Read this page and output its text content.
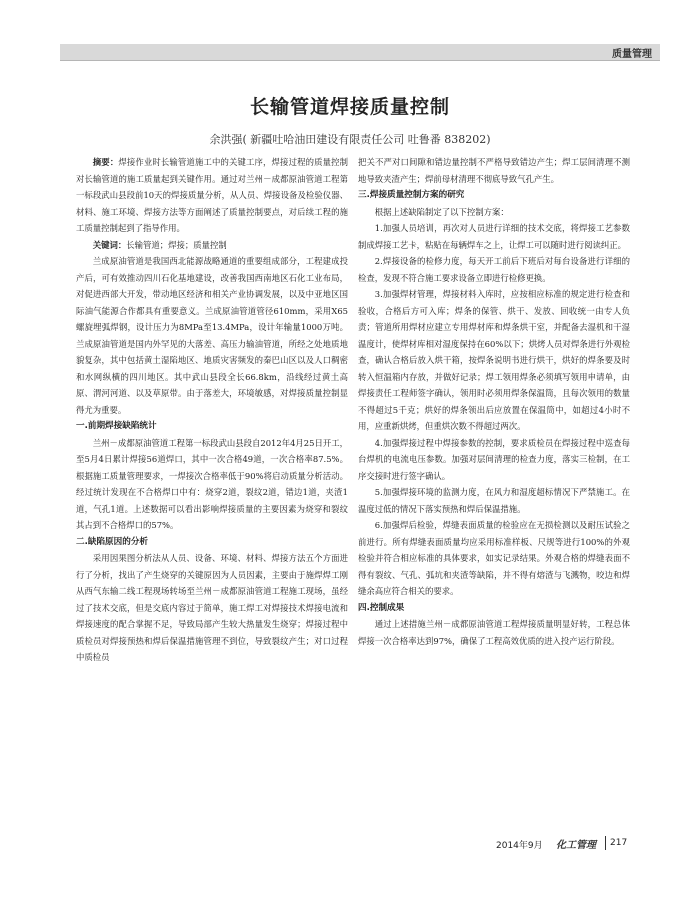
质量管理
长输管道焊接质量控制
余洪强( 新疆吐哈油田建设有限责任公司 吐鲁番 838202)

摘要：焊接作业时长输管道施工中的关键工序，焊接过程的质量控制对长输管道的施工质量起到关键作用。通过对兰州－成都原油管道工程第一标段武山县段前10天的焊接质量分析，从人员、焊接设备及检验仪器、材料、施工环境、焊接方法等方面阐述了质量控制要点，对后续工程的施工质量控制起到了指导作用。

关键词：长输管道；焊接；质量控制

兰成原油管道是我国西北能源战略通道的重要组成部分，工程建成投产后，可有效推动四川石化基地建设，改善我国西南地区石化工业布局，对促进西部大开发，带动地区经济和相关产业协调发展，以及中亚地区国际油气能源合作都具有重要意义。兰成原油管道管径610mm，采用X65螺旋埋弧焊钢，设计压力为8MPa至13.4MPa，设计年输量1000万吨。兰成原油管道是国内外罕见的大落差、高压力输油管道，所经之处地质地貌复杂，其中包括黄土湿陷地区、地质灾害频发的秦巴山区以及人口稠密和水网纵横的四川地区。其中武山县段全长66.8km，沿线经过黄土高原、渭河河道、以及草原带。由于落差大，环境敏感，对焊接质量控制显得尤为重要。

一.前期焊接缺陷统计

兰州－成都原油管道工程第一标段武山县段自2012年4月25日开工，至5月4日累计焊接56道焊口，其中一次合格49道，一次合格率87.5%。根据施工质量管理要求，一焊接次合格率低于90%将启动质量分析活动。经过统计发现在不合格焊口中有：烧穿2道，裂纹2道，错边1道，夹渣1道，气孔1道。上述数据可以看出影响焊接质量的主要因素为烧穿和裂纹其占到不合格焊口的57%。

二.缺陷原因的分析

采用因果图分析法从人员、设备、环境、材料、焊接方法五个方面进行了分析，找出了产生烧穿的关键原因为人员因素，主要由于施焊焊工刚从西气东输二线工程现场转场至兰州－成都原油管道工程施工现场，虽经过了技术交底，但是交底内容过于简单，施工焊工对焊接技术焊接电流和焊接速度的配合掌握不足，导致局部产生较大热量发生烧穿；焊接过程中质检员对焊接预热和焊后保温措施管理不到位，导致裂纹产生；对口过程中质检员

把关不严对口间隙和错边量控制不严格导致错边产生；焊工层间清理不测地导致夹渣产生；焊前母材清理不彻底导致气孔产生。

三.焊接质量控制方案的研究

根据上述缺陷制定了以下控制方案：

1.加强人员培训，再次对人员进行详细的技术交底，将焊接工艺参数制成焊接工艺卡，粘贴在每辆焊车之上，让焊工可以随时进行阅读纠正。

2.焊接设备的检修力度，每天开工前后下班后对每台设备进行详细的检查，发现不符合施工要求设备立即进行检修更换。

3.加强焊材管理，焊接材料入库时，应按相应标准的规定进行检查和验收，合格后方可入库；焊条的保管、烘干、发放、回收统一由专人负责；管道所用焊材应建立专用焊材库和焊条烘干室，并配备去湿机和干湿温度计，使焊材库相对湿度保持在60%以下；烘烤人员对焊条进行外观检查，确认合格后放入烘干箱，按焊条说明书进行烘干，烘好的焊条要及时转入恒温箱内存放，并做好记录；焊工领用焊条必须填写领用申请单，由焊接责任工程师签字确认，领用时必须用焊条保温筒，且每次领用的数量不得超过5千克；烘好的焊条领出后应放置在保温筒中，如超过4小时不用，应重新烘烤，但重烘次数不得超过两次。

4.加强焊接过程中焊接参数的控制，要求质检员在焊接过程中巡查每台焊机的电流电压参数。加强对层间清理的检查力度，落实三检制，在工序交接时进行签字确认。

5.加强焊接环境的监测力度，在风力和湿度超标情况下严禁施工。在温度过低的情况下落实预热和焊后保温措施。

6.加强焊后检验，焊缝表面质量的检验应在无损检测以及耐压试验之前进行。所有焊缝表面质量均应采用标准样板、尺规等进行100%的外观检验并符合相应标准的具体要求，如实记录结果。外观合格的焊缝表面不得有裂纹、气孔、弧坑和夹渣等缺陷，并不得有熔渣与飞溅物，咬边和焊缝余高应符合相关的要求。

四.控制成果

通过上述措施兰州－成都原油管道工程焊接质量明显好转，工程总体焊接一次合格率达到97%，确保了工程高效优质的进入投产运行阶段。

2014年9月 化工管理 217
